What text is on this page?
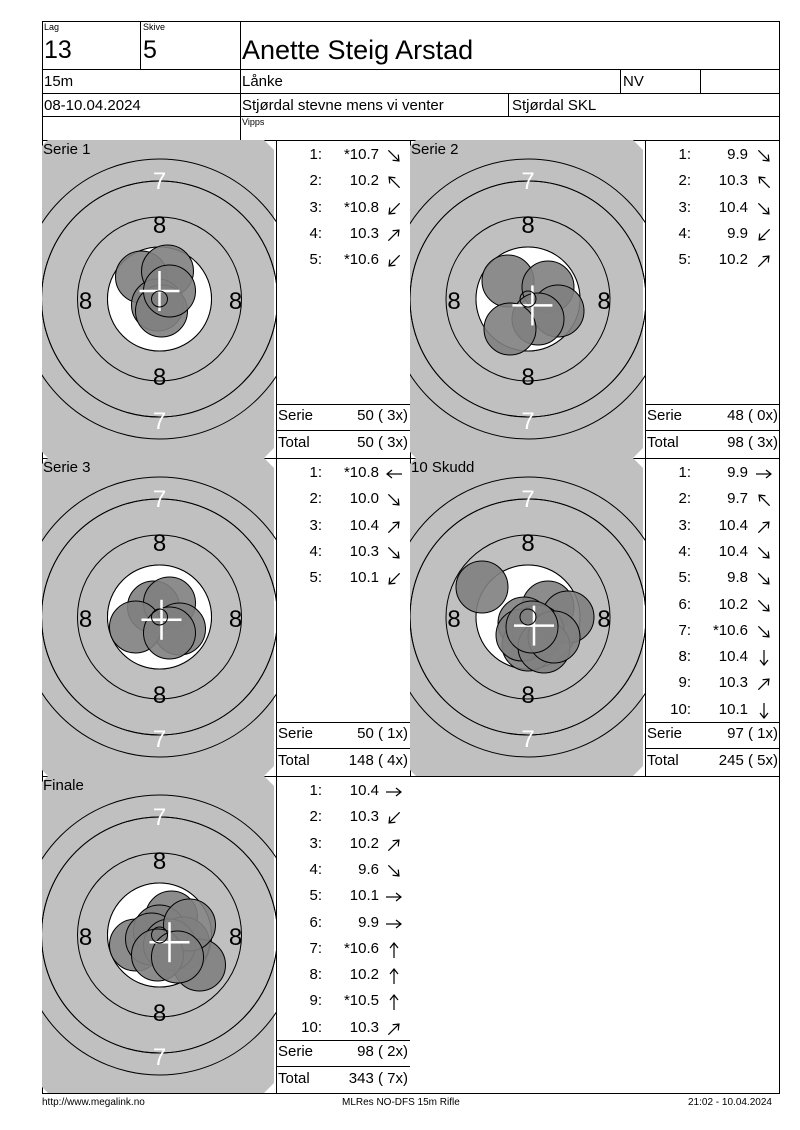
Lag
13
Skive
5	Anette Steig Arstad
15m	Lånke	NV
08-10.04.2024	Stjørdal stevne mens vi venter	Stjørdal SKL
Vipps
7
8
8
7
8	8
Serie 1	1: *10.7
2: 10.2
3: *10.8
4: 10.3
5: *10.6
Serie	50 ( 3x)
Total	50 ( 3x)
7
8
8
7
8	8
Serie 2	1: 9.9
2: 10.3
3: 10.4
4: 9.9
5: 10.2
Serie	48 ( 0x)
Total	98 ( 3x)
7
8
8
7
8	8
Serie 3	1: *10.8
2: 10.0
3: 10.4
4: 10.3
5: 10.1
Serie	50 ( 1x)
Total	148 ( 4x)
7
8
8
7
8	8
10 Skudd	1: 9.9
2: 9.7
3: 10.4
4: 10.4
5: 9.8
6: 10.2
7: *10.6
8: 10.4
9: 10.3
10: 10.1
Serie	97 ( 1x)
Total	245 ( 5x)
7
8
8
7
8	8
Finale	1: 10.4
2: 10.3
3: 10.2
4: 9.6
5: 10.1
6: 9.9
7: *10.6
8: 10.2
9: *10.5
10: 10.3
Serie	98 ( 2x)
Total	343 ( 7x)
http://www.megalink.no	MLRes NO-DFS 15m Rifle	21:02 - 10.04.2024
